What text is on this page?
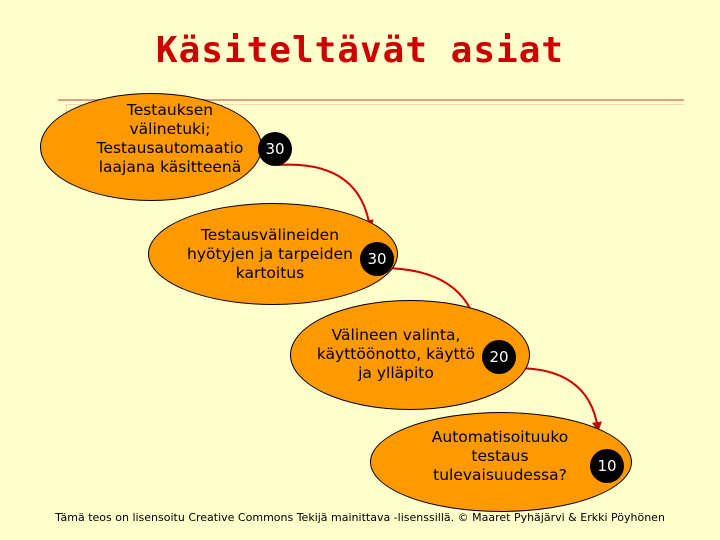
Käsiteltävät asiat
Testauksen
välinetuki;
Testausautomaatio
laajana käsitteenä
30
Testausvälineiden
hyötyjen ja tarpeiden
kartoitus
30
Välineen valinta,
käyttöönotto, käyttö
ja ylläpito
20
Automatisoituuko
testaus
tulevaisuudessa?	10
Tämä teos on lisensoitu Creative Commons Tekijä mainittava -lisenssillä. © Maaret Pyhäjärvi & Erkki Pöyhönen
